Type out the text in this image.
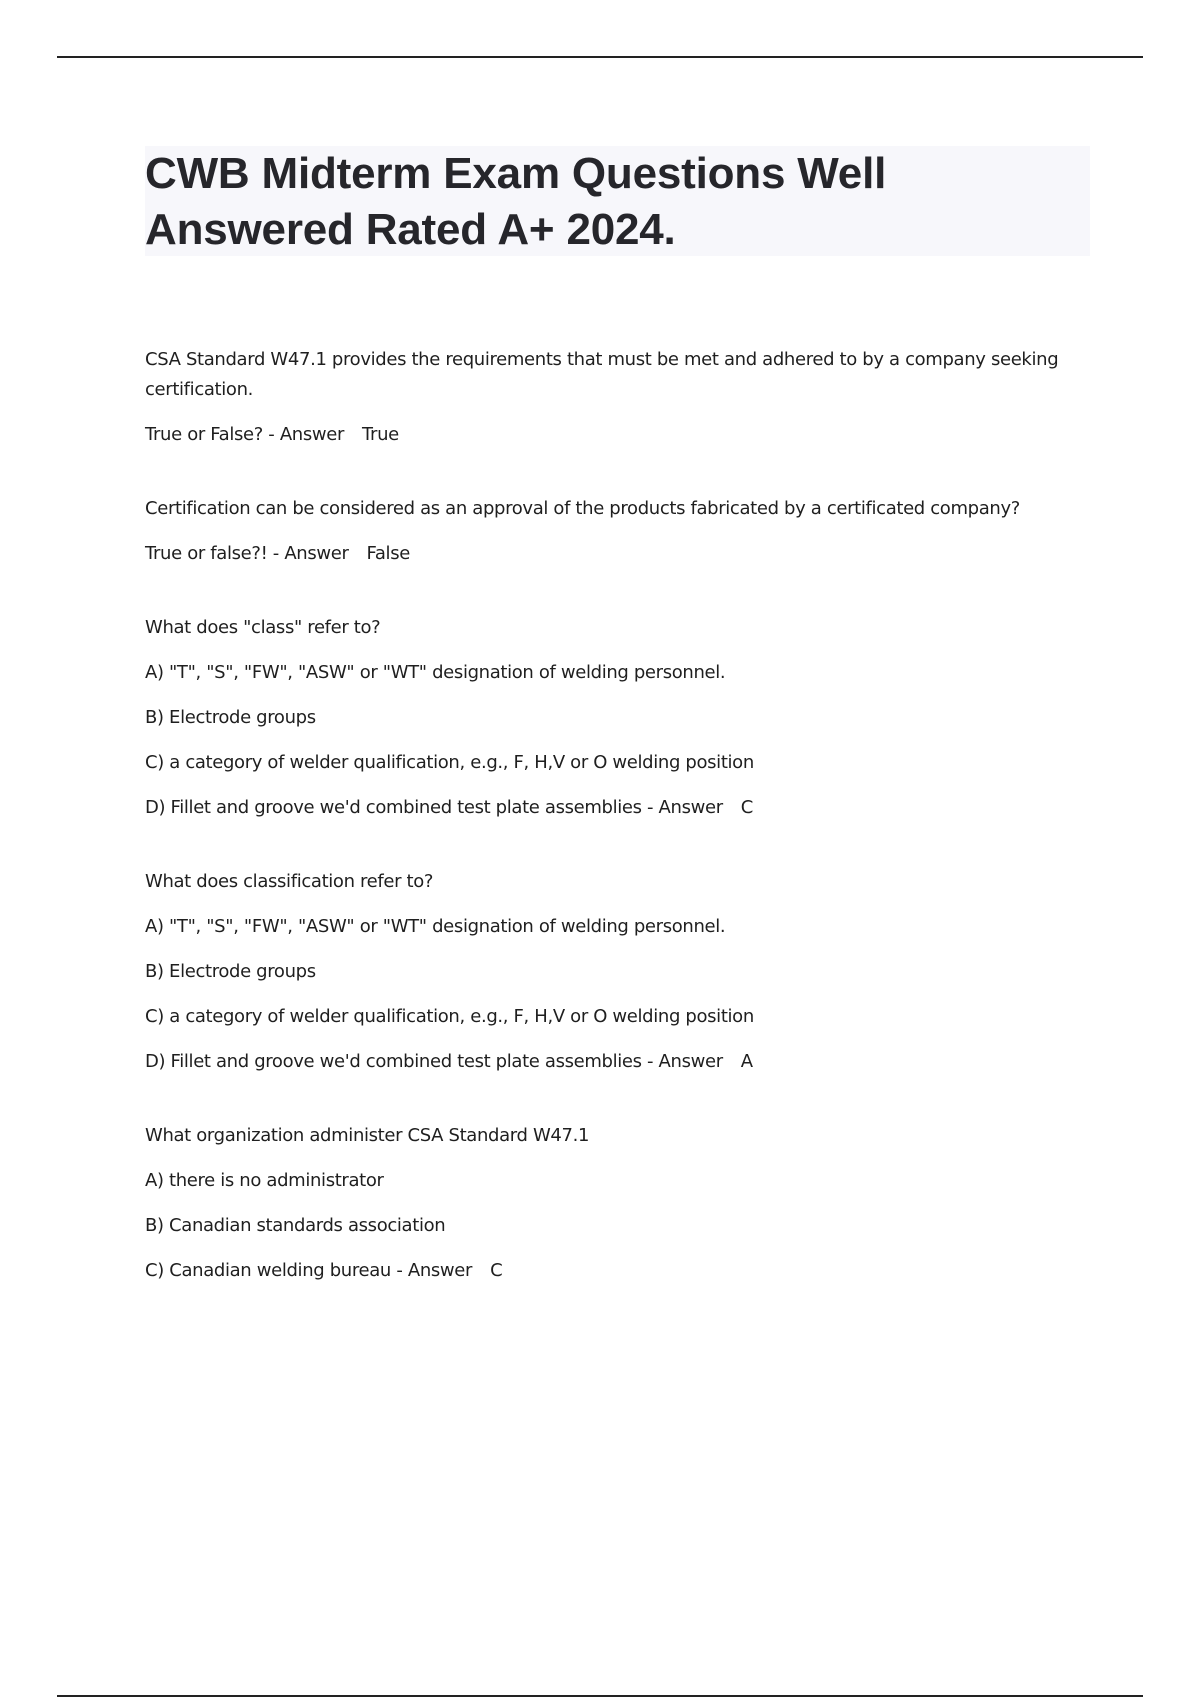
CWB Midterm Exam Questions Well Answered Rated A+ 2024.

CSA Standard W47.1 provides the requirements that must be met and adhered to by a company seeking certification.

True or False? - Answer True

Certification can be considered as an approval of the products fabricated by a certificated company?

True or false?! - Answer False

What does "class" refer to?

A) "T", "S", "FW", "ASW" or "WT" designation of welding personnel.

B) Electrode groups

C) a category of welder qualification, e.g., F, H,V or O welding position

D) Fillet and groove we'd combined test plate assemblies - Answer C

What does classification refer to?

A) "T", "S", "FW", "ASW" or "WT" designation of welding personnel.

B) Electrode groups

C) a category of welder qualification, e.g., F, H,V or O welding position

D) Fillet and groove we'd combined test plate assemblies - Answer A

What organization administer CSA Standard W47.1

A) there is no administrator

B) Canadian standards association

C) Canadian welding bureau - Answer C
